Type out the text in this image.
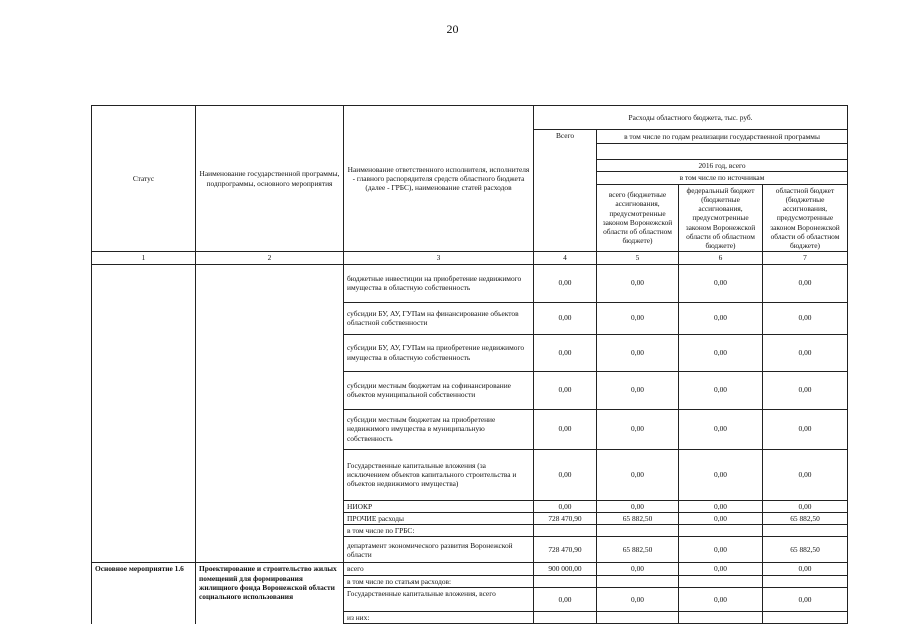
20
Статус	Наименование государственной программы, подпрограммы, основного мероприятия	Наименование ответственного исполнителя, исполнителя - главного распорядителя средств областного бюджета (далее - ГРБС), наименование статей расходов	Расходы областного бюджета, тыс. руб.			
			Всего	в том числе по годам реализации государственной программы		

				2016 год, всего		
				в том числе по источникам		
				всего (бюджетные ассигнования, предусмотренные законом Воронежской области об областном бюджете)	федеральный бюджет (бюджетные ассигнования, предусмотренные законом Воронежской области об областном бюджете)	областной бюджет (бюджетные ассигнования, предусмотренные законом Воронежской области об областном бюджете)
1	2	3	4	5	6	7
		бюджетные инвестиции на приобретение недвижимого имущества в областную собственность	0,00	0,00	0,00	0,00
		субсидии БУ, АУ, ГУПам на финансирование объектов областной собственности	0,00	0,00	0,00	0,00
		субсидии БУ, АУ, ГУПам на приобретение недвижимого имущества в областную собственность	0,00	0,00	0,00	0,00
		субсидии местным бюджетам на софинансирование объектов муниципальной собственности	0,00	0,00	0,00	0,00
		субсидии местным бюджетам на приобретение недвижимого имущества в муниципальную собственность	0,00	0,00	0,00	0,00
		Государственные капитальные вложения (за исключением объектов капитального строительства и объектов недвижимого имущества)	0,00	0,00	0,00	0,00
		НИОКР	0,00	0,00	0,00	0,00
		ПРОЧИЕ расходы	728 470,90	65 882,50	0,00	65 882,50
		в том числе по ГРБС:				
		департамент экономического развития Воронежской области	728 470,90	65 882,50	0,00	65 882,50
Основное мероприятие 1.6	Проектирование и строительство жилых помещений для формирования жилищного фонда Воронежской области социального использования	всего	900 000,00	0,00	0,00	0,00
		в том числе по статьям расходов:				
		Государственные капитальные вложения, всего	0,00	0,00	0,00	0,00
		из них:				
